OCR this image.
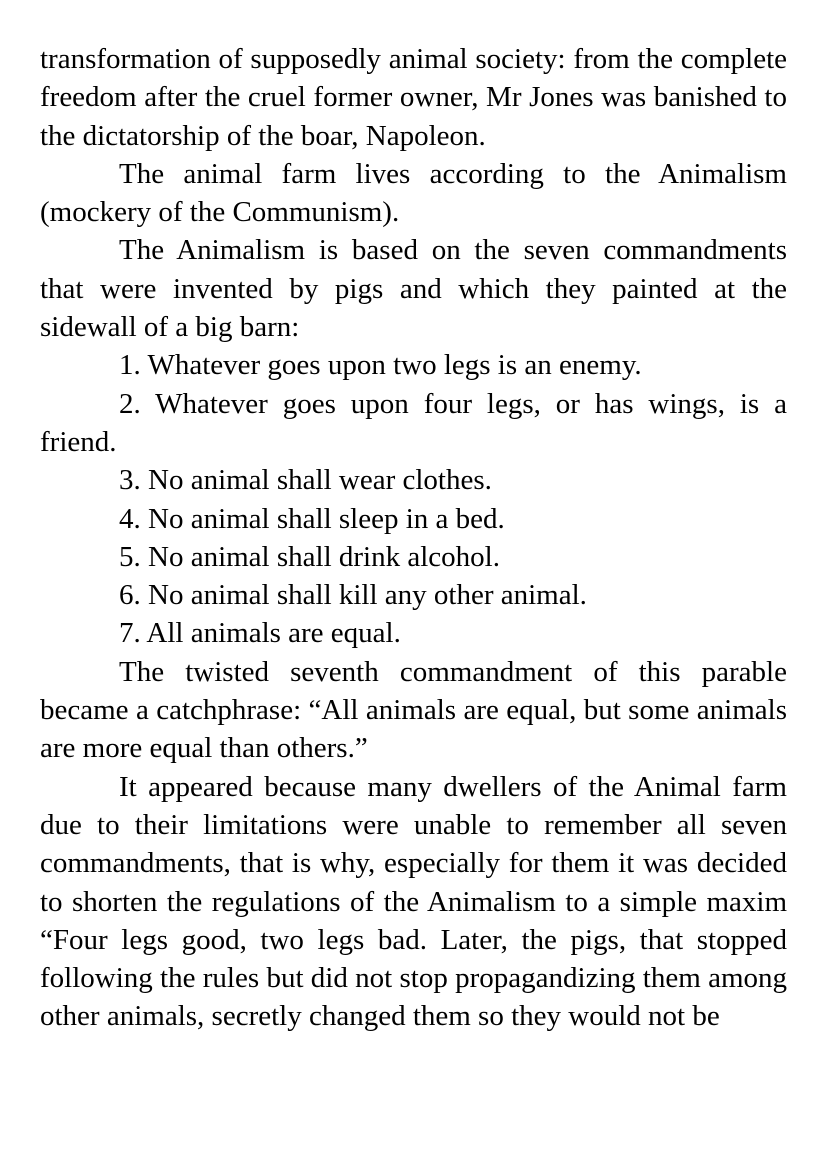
transformation of supposedly animal society: from the complete freedom after the cruel former owner, Mr Jones was banished to the dictatorship of the boar, Napoleon.

The animal farm lives according to the Animalism (mockery of the Communism).

The Animalism is based on the seven commandments that were invented by pigs and which they painted at the sidewall of a big barn:

1. Whatever goes upon two legs is an enemy.

2. Whatever goes upon four legs, or has wings, is a friend.

3. No animal shall wear clothes.

4. No animal shall sleep in a bed.

5. No animal shall drink alcohol.

6. No animal shall kill any other animal.

7. All animals are equal.

The twisted seventh commandment of this parable became a catchphrase: “All animals are equal, but some animals are more equal than others.”

It appeared because many dwellers of the Animal farm due to their limitations were unable to remember all seven commandments, that is why, especially for them it was decided to shorten the regulations of the Animalism to a simple maxim “Four legs good, two legs bad. Later, the pigs, that stopped following the rules but did not stop propagandizing them among other animals, secretly changed them so they would not be
